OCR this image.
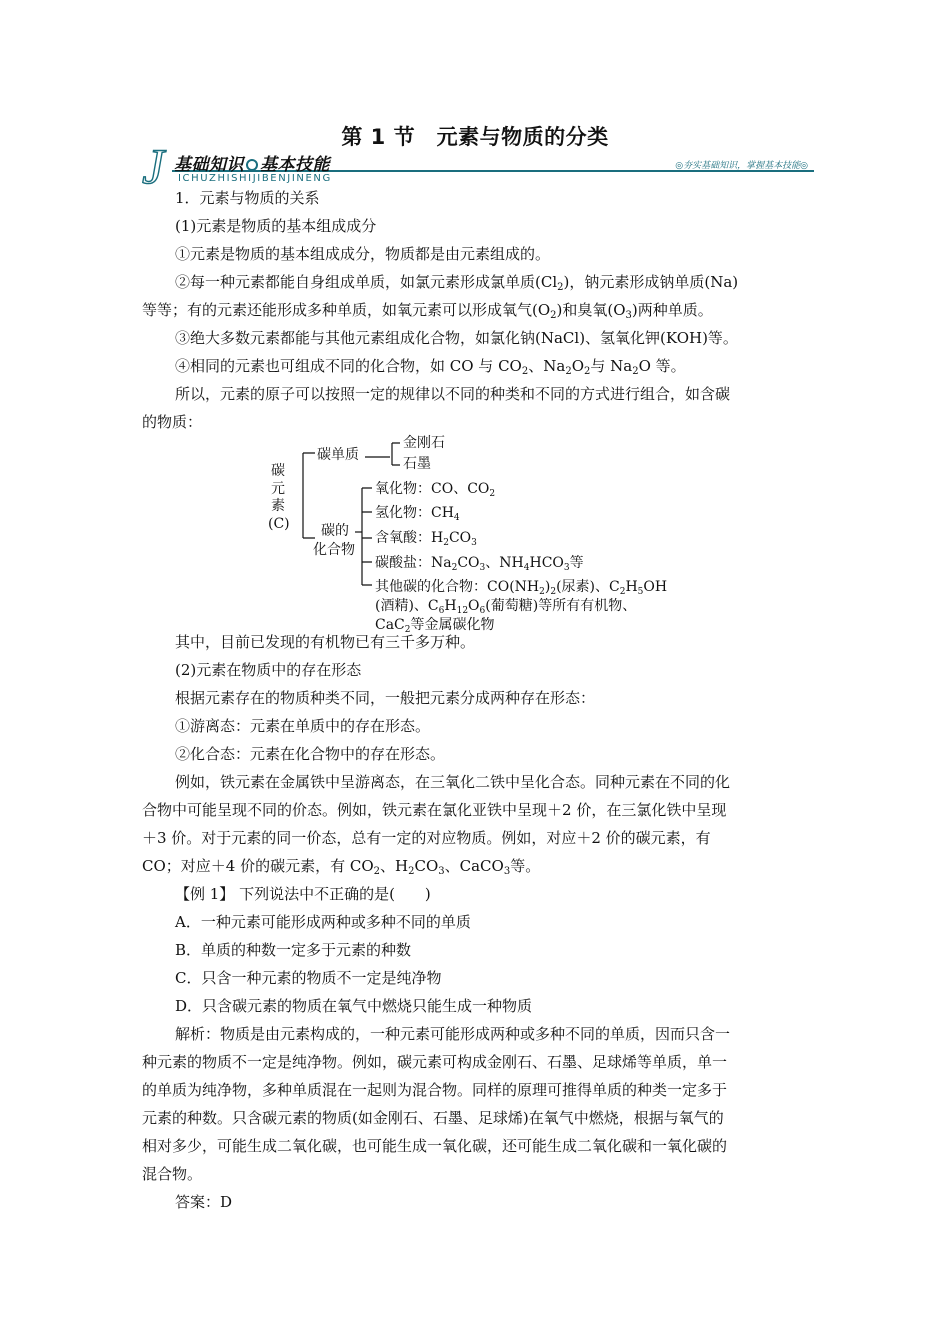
第 1 节　元素与物质的分类
J 基础知识 基本技能
ICHUZHISHIJIBENJINENG
◎夯实基础知识，掌握基本技能◎
1．元素与物质的关系
(1)元素是物质的基本组成成分
①元素是物质的基本组成成分，物质都是由元素组成的。
②每一种元素都能自身组成单质，如氯元素形成氯单质$(Cl_2)$，钠元素形成钠单质(Na)
等等；有的元素还能形成多种单质，如氧元素可以形成氧气$(O_2)$和臭氧$(O_3)$两种单质。
③绝大多数元素都能与其他元素组成化合物，如氯化钠(NaCl)、氢氧化钾(KOH)等。
④相同的元素也可组成不同的化合物，如 CO 与 $CO_2$、$Na_2O_2$与 $Na_2O$ 等。
所以，元素的原子可以按照一定的规律以不同的种类和不同的方式进行组合，如含碳
的物质：
碳
元
素
(C)
碳单质
金刚石
石墨
碳的
化合物
氧化物：CO、$CO_2$
氢化物：$CH_4$
含氧酸：$H_2CO_3$
碳酸盐：$Na_2CO_3$、$NH_4HCO_3$等
其他碳的化合物：$CO(NH_2)_2$(尿素)、$C_2H_5OH$
(酒精)、$C_6H_{12}O_6$(葡萄糖)等所有有机物、
CaC$_2$等金属碳化物
其中，目前已发现的有机物已有三千多万种。
(2)元素在物质中的存在形态
根据元素存在的物质种类不同，一般把元素分成两种存在形态：
①游离态：元素在单质中的存在形态。
②化合态：元素在化合物中的存在形态。
例如，铁元素在金属铁中呈游离态，在三氧化二铁中呈化合态。同种元素在不同的化
合物中可能呈现不同的价态。例如，铁元素在氯化亚铁中呈现＋2 价，在三氯化铁中呈现
＋3 价。对于元素的同一价态，总有一定的对应物质。例如，对应＋2 价的碳元素，有
CO；对应＋4 价的碳元素，有 $CO_2$、$H_2CO_3$、CaCO$_3$等。
【例 1】 下列说法中不正确的是(　　)
A．一种元素可能形成两种或多种不同的单质
B．单质的种数一定多于元素的种数
C．只含一种元素的物质不一定是纯净物
D．只含碳元素的物质在氧气中燃烧只能生成一种物质
解析：物质是由元素构成的，一种元素可能形成两种或多种不同的单质，因而只含一
种元素的物质不一定是纯净物。例如，碳元素可构成金刚石、石墨、足球烯等单质，单一
的单质为纯净物，多种单质混在一起则为混合物。同样的原理可推得单质的种类一定多于
元素的种数。只含碳元素的物质(如金刚石、石墨、足球烯)在氧气中燃烧，根据与氧气的
相对多少，可能生成二氧化碳，也可能生成一氧化碳，还可能生成二氧化碳和一氧化碳的
混合物。
答案：D
